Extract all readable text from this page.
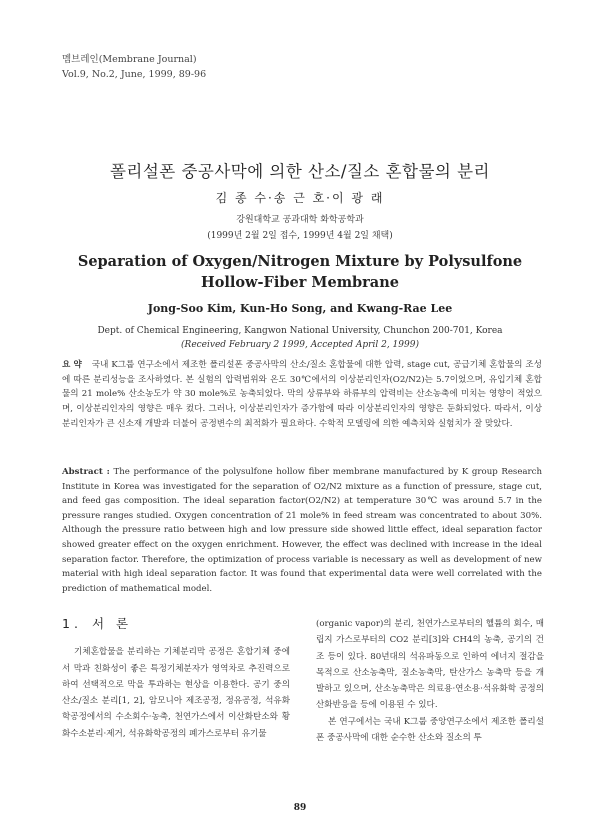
멤브레인(Membrane Journal)
Vol.9, No.2, June, 1999, 89-96
폴리설폰 중공사막에 의한 산소/질소 혼합물의 분리
김 종 수·송 근 호·이 광 래
강원대학교 공과대학 화학공학과
(1999년 2월 2일 접수, 1999년 4월 2일 채택)
Separation of Oxygen/Nitrogen Mixture by Polysulfone
Hollow-Fiber Membrane
Jong-Soo Kim, Kun-Ho Song, and Kwang-Rae Lee
Dept. of Chemical Engineering, Kangwon National University, Chunchon 200-701, Korea
(Received February 2 1999, Accepted April 2, 1999)
요 약 국내 K그룹 연구소에서 제조한 폴리설폰 중공사막의 산소/질소 혼합물에 대한 압력, stage cut, 공급기체 혼합물의 조성에 따른 분리성능을 조사하였다. 본 실험의 압력범위와 온도 30℃에서의 이상분리인자(O2/N2)는 5.7이었으며, 유입기체 혼합물의 21 mole% 산소농도가 약 30 mole%로 농축되었다. 막의 상류부와 하류부의 압력비는 산소농축에 미치는 영향이 적었으며, 이상분리인자의 영향은 매우 컸다. 그러나, 이상분리인자가 증가함에 따라 이상분리인자의 영향은 둔화되었다. 따라서, 이상분리인자가 큰 신소재 개발과 더불어 공정변수의 최적화가 필요하다. 수학적 모델링에 의한 예측치와 실험치가 잘 맞았다.
Abstract : The performance of the polysulfone hollow fiber membrane manufactured by K group Research Institute in Korea was investigated for the separation of O2/N2 mixture as a function of pressure, stage cut, and feed gas composition. The ideal separation factor(O2/N2) at temperature 30℃ was around 5.7 in the pressure ranges studied. Oxygen concentration of 21 mole% in feed stream was concentrated to about 30%. Although the pressure ratio between high and low pressure side showed little effect, ideal separation factor showed greater effect on the oxygen enrichment. However, the effect was declined with increase in the ideal separation factor. Therefore, the optimization of process variable is necessary as well as development of new material with high ideal separation factor. It was found that experimental data were well correlated with the prediction of mathematical model.
1. 서 론

기체혼합물을 분리하는 기체분리막 공정은 혼합기체 중에서 막과 친화성이 좋은 특정기체분자가 영역차로 추진력으로 하여 선택적으로 막을 투과하는 현상을 이용한다. 공기 중의 산소/질소 분리[1, 2], 암모니아 제조공정, 정유공정, 석유화학공정에서의 수소회수·농축, 천연가스에서 이산화탄소와 황화수소분리·제거, 석유화학공정의 폐가스로부터 유기물

(organic vapor)의 분리, 천연가스로부터의 헬륨의 회수, 매립지 가스로부터의 CO2 분리[3]와 CH4의 농축, 공기의 건조 등이 있다. 80년대의 석유파동으로 인하여 에너지 절감을 목적으로 산소농축막, 질소농축막, 탄산가스 농축막 등을 개발하고 있으며, 산소농축막은 의료용·연소용·석유화학 공정의 산화반응을 등에 이용된 수 있다.

본 연구에서는 국내 K그룹 중앙연구소에서 제조한 폴리설폰 중공사막에 대한 순수한 산소와 질소의 투

89
